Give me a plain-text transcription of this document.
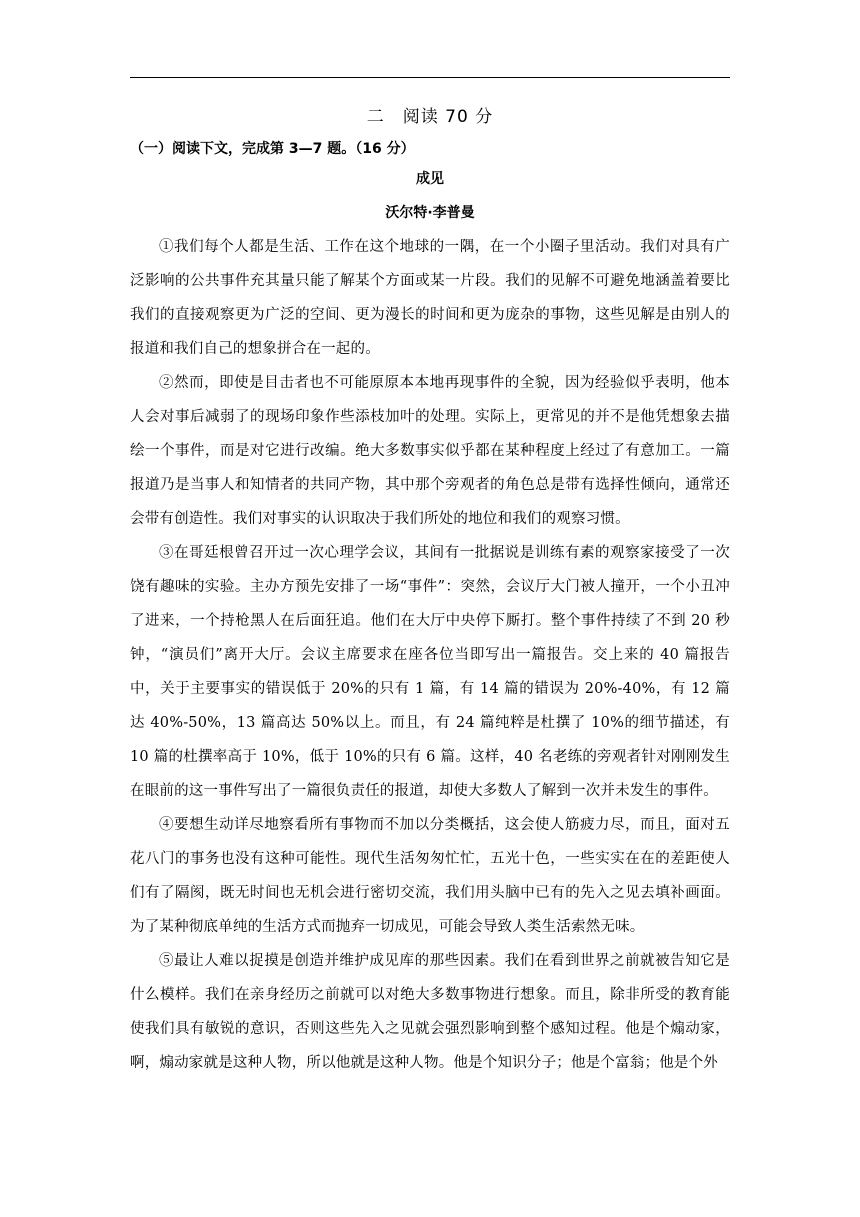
二 阅读 70 分
（一）阅读下文，完成第 3—7 题。（16 分）
成见
沃尔特·李普曼

①我们每个人都是生活、工作在这个地球的一隅，在一个小圈子里活动。我们对具有广泛影响的公共事件充其量只能了解某个方面或某一片段。我们的见解不可避免地涵盖着要比我们的直接观察更为广泛的空间、更为漫长的时间和更为庞杂的事物，这些见解是由别人的报道和我们自己的想象拼合在一起的。

②然而，即使是目击者也不可能原原本本地再现事件的全貌，因为经验似乎表明，他本人会对事后减弱了的现场印象作些添枝加叶的处理。实际上，更常见的并不是他凭想象去描绘一个事件，而是对它进行改编。绝大多数事实似乎都在某种程度上经过了有意加工。一篇报道乃是当事人和知情者的共同产物，其中那个旁观者的角色总是带有选择性倾向，通常还会带有创造性。我们对事实的认识取决于我们所处的地位和我们的观察习惯。

③在哥廷根曾召开过一次心理学会议，其间有一批据说是训练有素的观察家接受了一次饶有趣味的实验。主办方预先安排了一场“事件”：突然，会议厅大门被人撞开，一个小丑冲了进来，一个持枪黑人在后面狂追。他们在大厅中央停下厮打。整个事件持续了不到 20 秒钟，“演员们”离开大厅。会议主席要求在座各位当即写出一篇报告。交上来的 40 篇报告中，关于主要事实的错误低于 20%的只有 1 篇，有 14 篇的错误为 20%-40%，有 12 篇达 40%-50%，13 篇高达 50%以上。而且，有 24 篇纯粹是杜撰了 10%的细节描述，有 10 篇的杜撰率高于 10%，低于 10%的只有 6 篇。这样，40 名老练的旁观者针对刚刚发生在眼前的这一事件写出了一篇很负责任的报道，却使大多数人了解到一次并未发生的事件。

④要想生动详尽地察看所有事物而不加以分类概括，这会使人筋疲力尽，而且，面对五花八门的事务也没有这种可能性。现代生活匆匆忙忙，五光十色，一些实实在在的差距使人们有了隔阂，既无时间也无机会进行密切交流，我们用头脑中已有的先入之见去填补画面。为了某种彻底单纯的生活方式而抛弃一切成见，可能会导致人类生活索然无味。

⑤最让人难以捉摸是创造并维护成见库的那些因素。我们在看到世界之前就被告知它是什么模样。我们在亲身经历之前就可以对绝大多数事物进行想象。而且，除非所受的教育能使我们具有敏锐的意识，否则这些先入之见就会强烈影响到整个感知过程。他是个煽动家，啊，煽动家就是这种人物，所以他就是这种人物。他是个知识分子；他是个富翁；他是个外
